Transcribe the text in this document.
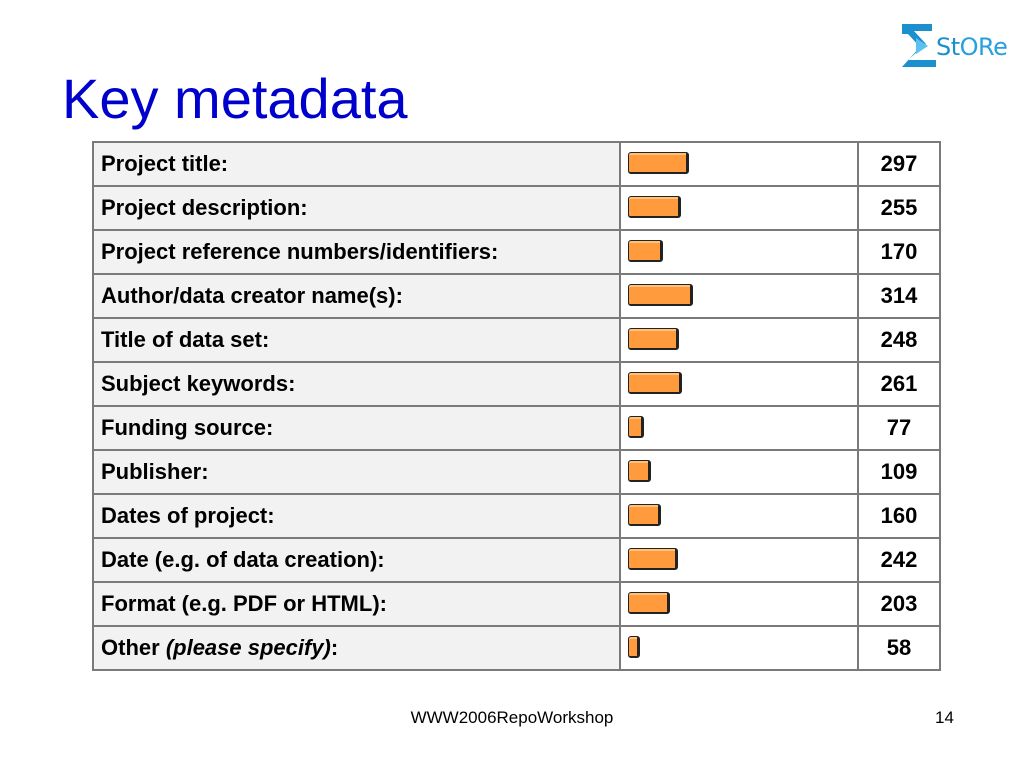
Key metadata
StORe
Project title:		297
Project description:		255
Project reference numbers/identifiers:		170
Author/data creator name(s):		314
Title of data set:		248
Subject keywords:		261
Funding source:		77
Publisher:		109
Dates of project:		160
Date (e.g. of data creation):		242
Format (e.g. PDF or HTML):		203
Other (please specify):		58
WWW2006RepoWorkshop	14
